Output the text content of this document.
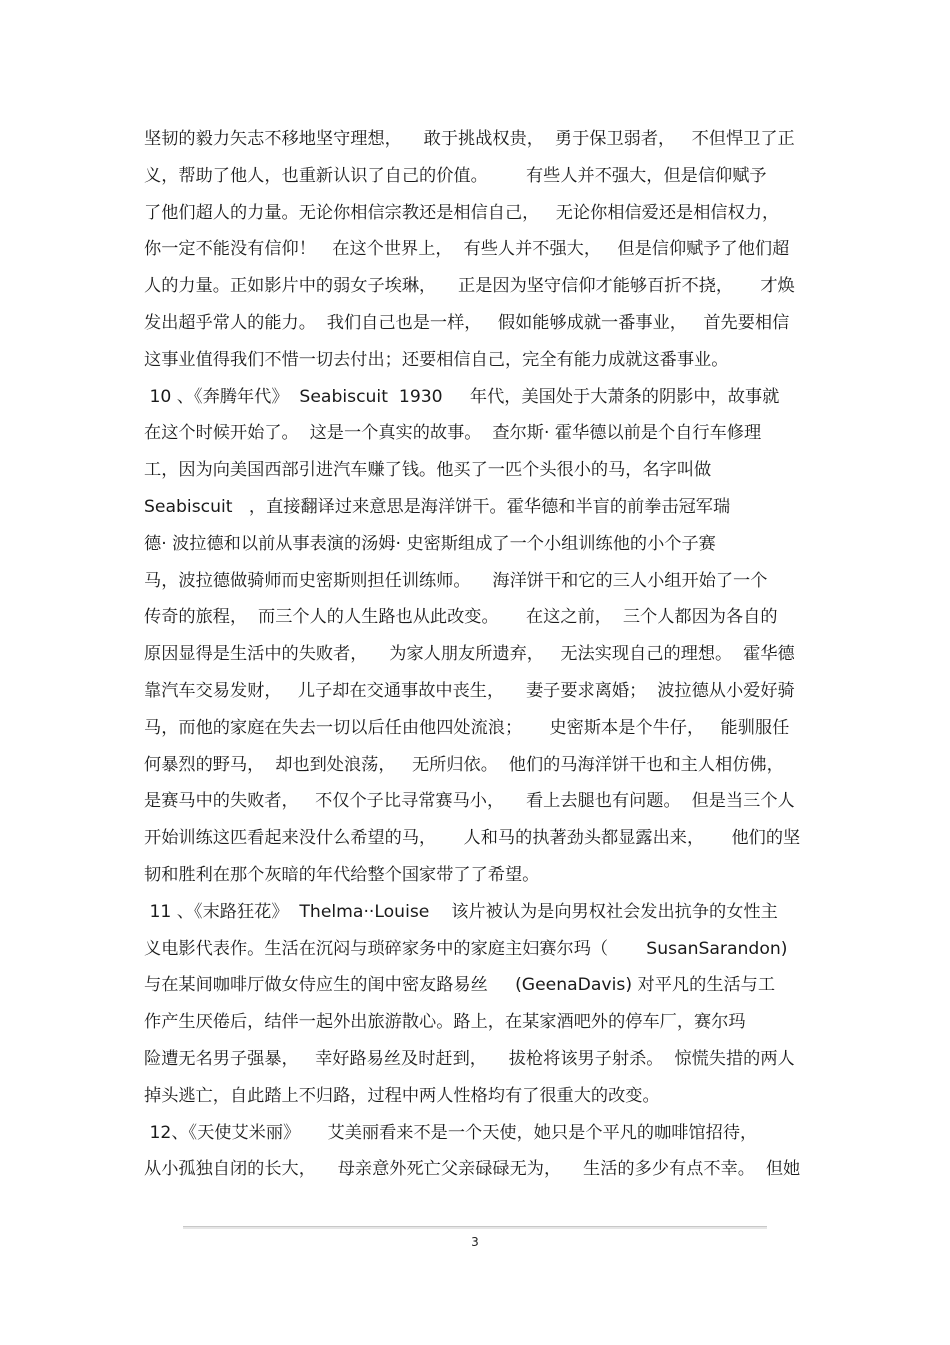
坚韧的毅力矢志不移地坚守理想，    敢于挑战权贵，  勇于保卫弱者，   不但悍卫了正
义，帮助了他人，也重新认识了自己的价值。       有些人并不强大，但是信仰赋予
了他们超人的力量。无论你相信宗教还是相信自己，   无论你相信爱还是相信权力，
你一定不能没有信仰！   在这个世界上，  有些人并不强大，   但是信仰赋予了他们超
人的力量。正如影片中的弱女子埃琳，    正是因为坚守信仰才能够百折不挠，     才焕
发出超乎常人的能力。  我们自己也是一样，   假如能够成就一番事业，   首先要相信
这事业值得我们不惜一切去付出；还要相信自己，完全有能力成就这番事业。
10 、《奔腾年代》  Seabiscuit  1930     年代，美国处于大萧条的阴影中，故事就
在这个时候开始了。  这是一个真实的故事。  查尔斯· 霍华德以前是个自行车修理
工，因为向美国西部引进汽车赚了钱。他买了一匹个头很小的马，名字叫做
Seabiscuit   ，直接翻译过来意思是海洋饼干。霍华德和半盲的前拳击冠军瑞
德· 波拉德和以前从事表演的汤姆· 史密斯组成了一个小组训练他的小个子赛
马，波拉德做骑师而史密斯则担任训练师。    海洋饼干和它的三人小组开始了一个
传奇的旅程，  而三个人的人生路也从此改变。     在这之前，  三个人都因为各自的
原因显得是生活中的失败者，    为家人朋友所遗弃，   无法实现自己的理想。  霍华德
靠汽车交易发财，   儿子却在交通事故中丧生，    妻子要求离婚；  波拉德从小爱好骑
马，而他的家庭在失去一切以后任由他四处流浪；     史密斯本是个牛仔，   能驯服任
何暴烈的野马，  却也到处浪荡，   无所归依。  他们的马海洋饼干也和主人相仿佛，
是赛马中的失败者，   不仅个子比寻常赛马小，    看上去腿也有问题。  但是当三个人
开始训练这匹看起来没什么希望的马，     人和马的执著劲头都显露出来，     他们的坚
韧和胜利在那个灰暗的年代给整个国家带了了希望。
11 、《末路狂花》  Thelma··Louise    该片被认为是向男权社会发出抗争的女性主
义电影代表作。生活在沉闷与琐碎家务中的家庭主妇赛尔玛（       SusanSarandon)
与在某间咖啡厅做女侍应生的闺中密友路易丝     (GeenaDavis) 对平凡的生活与工
作产生厌倦后，结伴一起外出旅游散心。路上，在某家酒吧外的停车厂，赛尔玛
险遭无名男子强暴，   幸好路易丝及时赶到，    拔枪将该男子射杀。  惊慌失措的两人
掉头逃亡，自此踏上不归路，过程中两人性格均有了很重大的改变。
12、《天使艾米丽》     艾美丽看来不是一个天使，她只是个平凡的咖啡馆招待，
从小孤独自闭的长大，    母亲意外死亡父亲碌碌无为，    生活的多少有点不幸。  但她
3
